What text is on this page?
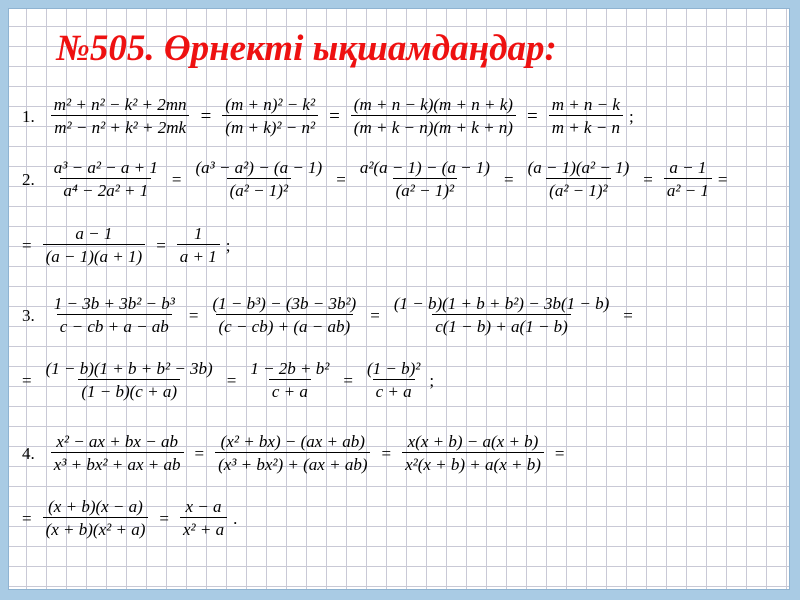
№505. Өрнекті ықшамдаңдар:
1. $\frac{\text{m² + n² − k² + 2mn}}{\text{m² − n² + k² + 2mk}} = \frac{\text{(m + n)² − k²}}{\text{(m + k)² − n²}} = \frac{(m + n - k)(m + n + k)}{(m + k - n)(m + k + n)} = \frac{m + n - k}{m + k - n}$ ;
2. $\frac{\text{a³ − a² − a + 1}}{\text{a⁴ − 2a² + 1}} = \frac{\text{(a³ − a²) − (a − 1)}}{\text{(a² − 1)²}} = \frac{\text{a²(a − 1) − (a − 1)}}{\text{(a² − 1)²}} = \frac{\text{(a − 1)(a² − 1)}}{\text{(a² − 1)²}} = \frac{a - 1}{\text{a² − 1}}$ =
= $\frac{a - 1}{(a - 1)(a + 1)} = \frac{1}{a + 1}$ ;
3. $\frac{\text{1 − 3b + 3b² − b³}}{c - cb + a - ab} = \frac{\text{(1 − b³) − (3b − 3b²)}}{(c - cb) + (a - ab)} = \frac{\text{(1 − b)(1 + b + b²) − 3b(1 − b)}}{c(1 - b) + a(1 - b)}$ =
= $\frac{\text{(1 − b)(1 + b + b² − 3b)}}{(1 - b)(c + a)} = \frac{\text{1 − 2b + b²}}{c + a} = \frac{\text{(1 − b)²}}{c + a}$ ;
4. $\frac{\text{x² − ax + bx − ab}}{\text{x³ + bx² + ax + ab}} = \frac{\text{(x² + bx) − (ax + ab)}}{\text{(x³ + bx²) + (ax + ab)}} = \frac{x(x + b) - a(x + b)}{\text{x²(x + b) + a(x + b)}}$ =
= $\frac{(x + b)(x - a)}{\text{(x + b)(x² + a)}} = \frac{x - a}{\text{x² + a}}$ .
